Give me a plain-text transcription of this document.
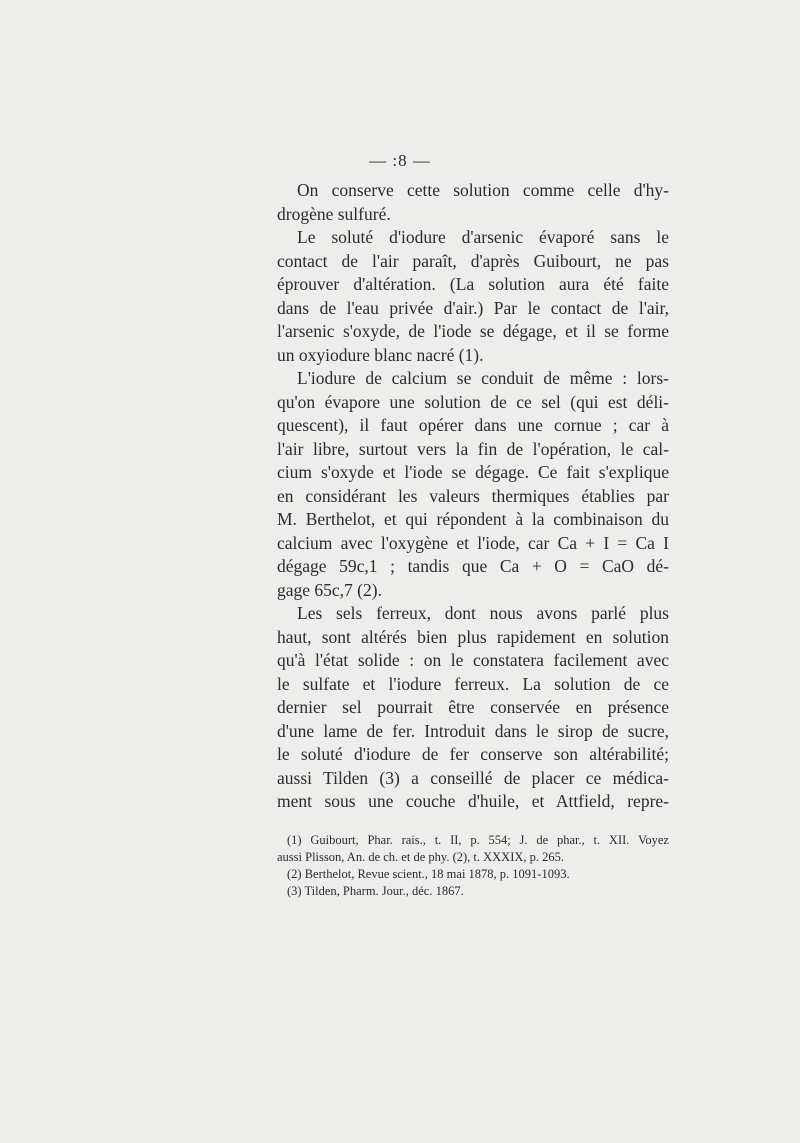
— :8 —
On conserve cette solution comme celle d'hy-
drogène sulfuré.
Le soluté d'iodure d'arsenic évaporé sans le
contact de l'air paraît, d'après Guibourt, ne pas
éprouver d'altération. (La solution aura été faite
dans de l'eau privée d'air.) Par le contact de l'air,
l'arsenic s'oxyde, de l'iode se dégage, et il se forme
un oxyiodure blanc nacré (1).
L'iodure de calcium se conduit de même : lors-
qu'on évapore une solution de ce sel (qui est déli-
quescent), il faut opérer dans une cornue ; car à
l'air libre, surtout vers la fin de l'opération, le cal-
cium s'oxyde et l'iode se dégage. Ce fait s'explique
en considérant les valeurs thermiques établies par
M. Berthelot, et qui répondent à la combinaison du
calcium avec l'oxygène et l'iode, car Ca + I = Ca I
dégage 59c,1 ; tandis que Ca + O = CaO dé-
gage 65c,7 (2).
Les sels ferreux, dont nous avons parlé plus
haut, sont altérés bien plus rapidement en solution
qu'à l'état solide : on le constatera facilement avec
le sulfate et l'iodure ferreux. La solution de ce
dernier sel pourrait être conservée en présence
d'une lame de fer. Introduit dans le sirop de sucre,
le soluté d'iodure de fer conserve son altérabilité;
aussi Tilden (3) a conseillé de placer ce médica-
ment sous une couche d'huile, et Attfield, repre-
(1) Guibourt, Phar. rais., t. II, p. 554; J. de phar., t. XII. Voyez
aussi Plisson, An. de ch. et de phy. (2), t. XXXIX, p. 265.
(2) Berthelot, Revue scient., 18 mai 1878, p. 1091-1093.
(3) Tilden, Pharm. Jour., déc. 1867.
